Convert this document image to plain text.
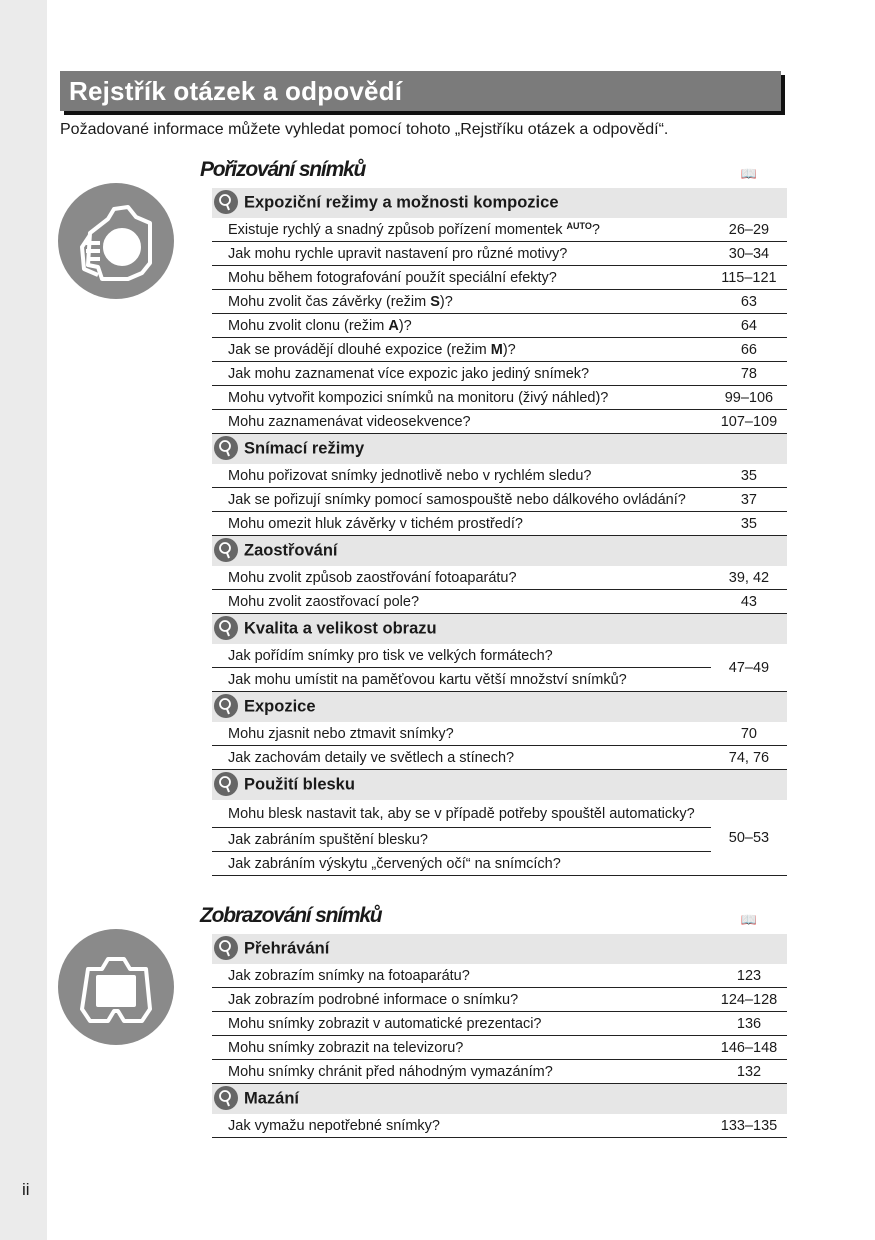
Rejstřík otázek a odpovědí
Požadované informace můžete vyhledat pomocí tohoto „Rejstříku otázek a odpovědí“.
Pořizování snímků	📖
Expoziční režimy a možnosti kompozice	
Existuje rychlý a snadný způsob pořízení momentek AUTO?	26–29
Jak mohu rychle upravit nastavení pro různé motivy?	30–34
Mohu během fotografování použít speciální efekty?	115–121
Mohu zvolit čas závěrky (režim S)?	63
Mohu zvolit clonu (režim A)?	64
Jak se provádějí dlouhé expozice (režim M)?	66
Jak mohu zaznamenat více expozic jako jediný snímek?	78
Mohu vytvořit kompozici snímků na monitoru (živý náhled)?	99–106
Mohu zaznamenávat videosekvence?	107–109
Snímací režimy	
Mohu pořizovat snímky jednotlivě nebo v rychlém sledu?	35
Jak se pořizují snímky pomocí samospouště nebo dálkového ovládání?	37
Mohu omezit hluk závěrky v tichém prostředí?	35
Zaostřování	
Mohu zvolit způsob zaostřování fotoaparátu?	39, 42
Mohu zvolit zaostřovací pole?	43
Kvalita a velikost obrazu	
Jak pořídím snímky pro tisk ve velkých formátech?	47–49
Jak mohu umístit na paměťovou kartu větší množství snímků?	
Expozice	
Mohu zjasnit nebo ztmavit snímky?	70
Jak zachovám detaily ve světlech a stínech?	74, 76
Použití blesku	
Mohu blesk nastavit tak, aby se v případě potřeby spouštěl automaticky?	50–53
Jak zabráním spuštění blesku?	
Jak zabráním výskytu „červených očí“ na snímcích?	
Zobrazování snímků	📖
Přehrávání	
Jak zobrazím snímky na fotoaparátu?	123
Jak zobrazím podrobné informace o snímku?	124–128
Mohu snímky zobrazit v automatické prezentaci?	136
Mohu snímky zobrazit na televizoru?	146–148
Mohu snímky chránit před náhodným vymazáním?	132
Mazání	
Jak vymažu nepotřebné snímky?	133–135
ii
